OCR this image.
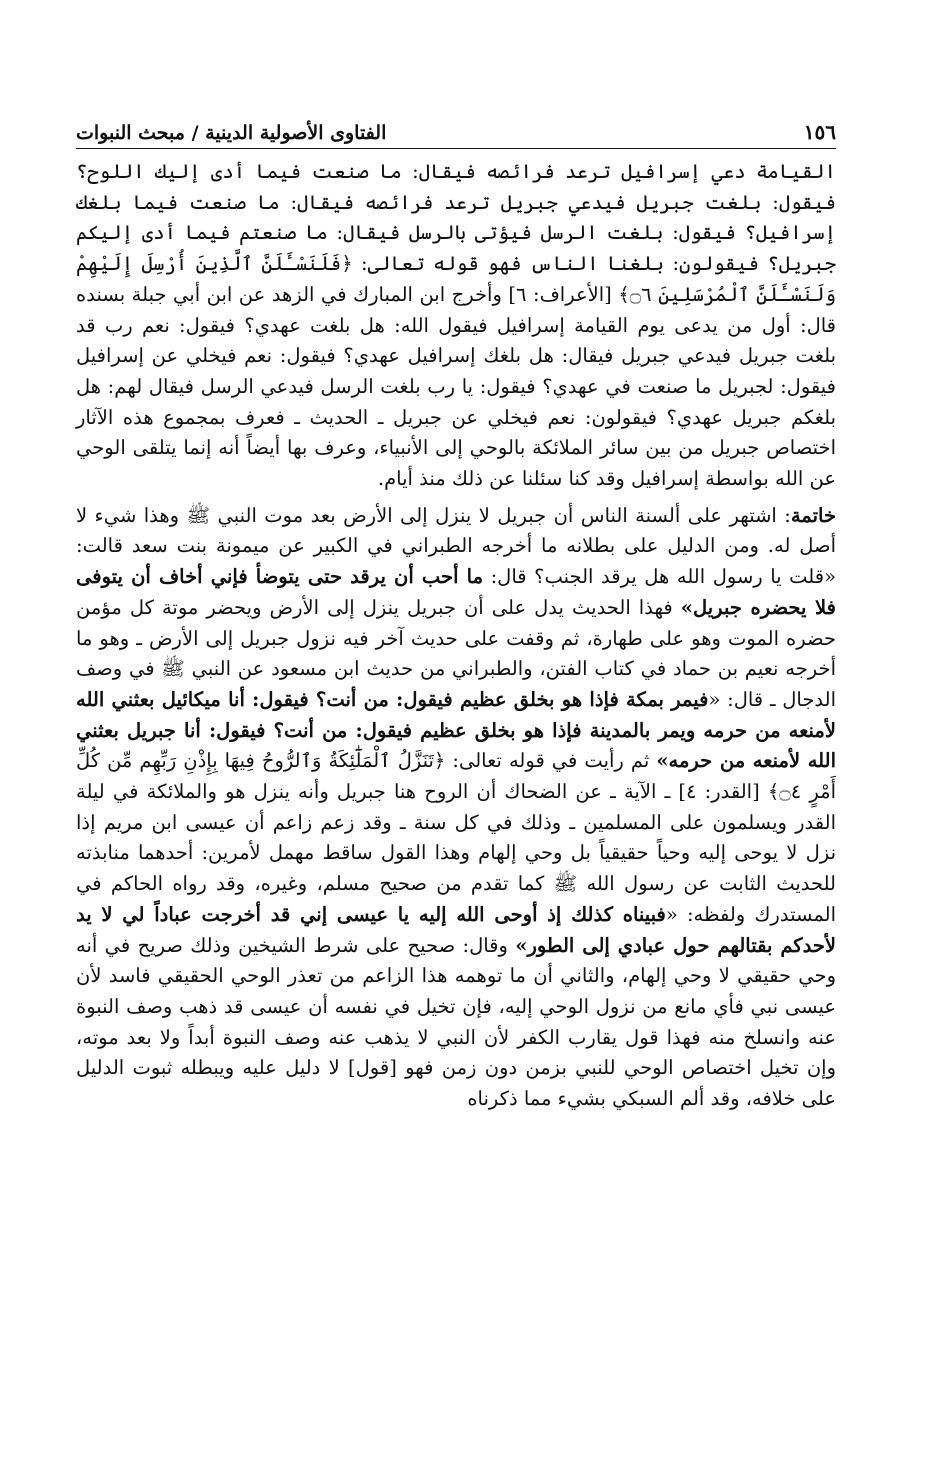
١٥٦
الفتاوى الأصولية الدينية / مبحث النبوات

القيامة دعي إسرافيل ترعد فرائصه فيقال: ما صنعت فيما أدى إليك اللوح؟ فيقول: بلغت جبريل فيدعي جبريل ترعد فرائصه فيقال: ما صنعت فيما بلغك إسرافيل؟ فيقول: بلغت الرسل فيؤتى بالرسل فيقال: ما صنعتم فيما أدى إليكم جبريل؟ فيقولون: بلغنا الناس فهو قوله تعالى: ﴿فَلَنَسْـَٔلَنَّ ٱلَّذِينَ أُرْسِلَ إِلَيْهِمْ وَلَنَسْـَٔلَنَّ ٱلْمُرْسَلِينَ ۝٦﴾ [الأعراف: ٦] وأخرج ابن المبارك في الزهد عن ابن أبي جبلة بسنده قال: أول من يدعى يوم القيامة إسرافيل فيقول الله: هل بلغت عهدي؟ فيقول: نعم رب قد بلغت جبريل فيدعي جبريل فيقال: هل بلغك إسرافيل عهدي؟ فيقول: نعم فيخلي عن إسرافيل فيقول: لجبريل ما صنعت في عهدي؟ فيقول: يا رب بلغت الرسل فيدعي الرسل فيقال لهم: هل بلغكم جبريل عهدي؟ فيقولون: نعم فيخلي عن جبريل ـ الحديث ـ فعرف بمجموع هذه الآثار اختصاص جبريل من بين سائر الملائكة بالوحي إلى الأنبياء، وعرف بها أيضاً أنه إنما يتلقى الوحي عن الله بواسطة إسرافيل وقد كنا سئلنا عن ذلك منذ أيام.

خاتمة: اشتهر على ألسنة الناس أن جبريل لا ينزل إلى الأرض بعد موت النبي ﷺ وهذا شيء لا أصل له. ومن الدليل على بطلانه ما أخرجه الطبراني في الكبير عن ميمونة بنت سعد قالت: «قلت يا رسول الله هل يرقد الجنب؟ قال: ما أحب أن يرقد حتى يتوضأ فإني أخاف أن يتوفى فلا يحضره جبريل» فهذا الحديث يدل على أن جبريل ينزل إلى الأرض ويحضر موتة كل مؤمن حضره الموت وهو على طهارة، ثم وقفت على حديث آخر فيه نزول جبريل إلى الأرض ـ وهو ما أخرجه نعيم بن حماد في كتاب الفتن، والطبراني من حديث ابن مسعود عن النبي ﷺ في وصف الدجال ـ قال: «فيمر بمكة فإذا هو بخلق عظيم فيقول: من أنت؟ فيقول: أنا ميكائيل بعثني الله لأمنعه من حرمه ويمر بالمدينة فإذا هو بخلق عظيم فيقول: من أنت؟ فيقول: أنا جبريل بعثني الله لأمنعه من حرمه» ثم رأيت في قوله تعالى: ﴿تَنَزَّلُ ٱلْمَلَٰٓئِكَةُ وَٱلرُّوحُ فِيهَا بِإِذْنِ رَبِّهِم مِّن كُلِّ أَمْرٍ ۝٤﴾ [القدر: ٤] ـ الآية ـ عن الضحاك أن الروح هنا جبريل وأنه ينزل هو والملائكة في ليلة القدر ويسلمون على المسلمين ـ وذلك في كل سنة ـ وقد زعم زاعم أن عيسى ابن مريم إذا نزل لا يوحى إليه وحياً حقيقياً بل وحي إلهام وهذا القول ساقط مهمل لأمرين: أحدهما منابذته للحديث الثابت عن رسول الله ﷺ كما تقدم من صحيح مسلم، وغيره، وقد رواه الحاكم في المستدرك ولفظه: «فبيناه كذلك إذ أوحى الله إليه يا عيسى إني قد أخرجت عباداً لي لا يد لأحدكم بقتالهم حول عبادي إلى الطور» وقال: صحيح على شرط الشيخين وذلك صريح في أنه وحي حقيقي لا وحي إلهام، والثاني أن ما توهمه هذا الزاعم من تعذر الوحي الحقيقي فاسد لأن عيسى نبي فأي مانع من نزول الوحي إليه، فإن تخيل في نفسه أن عيسى قد ذهب وصف النبوة عنه وانسلخ منه فهذا قول يقارب الكفر لأن النبي لا يذهب عنه وصف النبوة أبداً ولا بعد موته، وإن تخيل اختصاص الوحي للنبي بزمن دون زمن فهو [قول] لا دليل عليه ويبطله ثبوت الدليل على خلافه، وقد ألم السبكي بشيء مما ذكرناه
